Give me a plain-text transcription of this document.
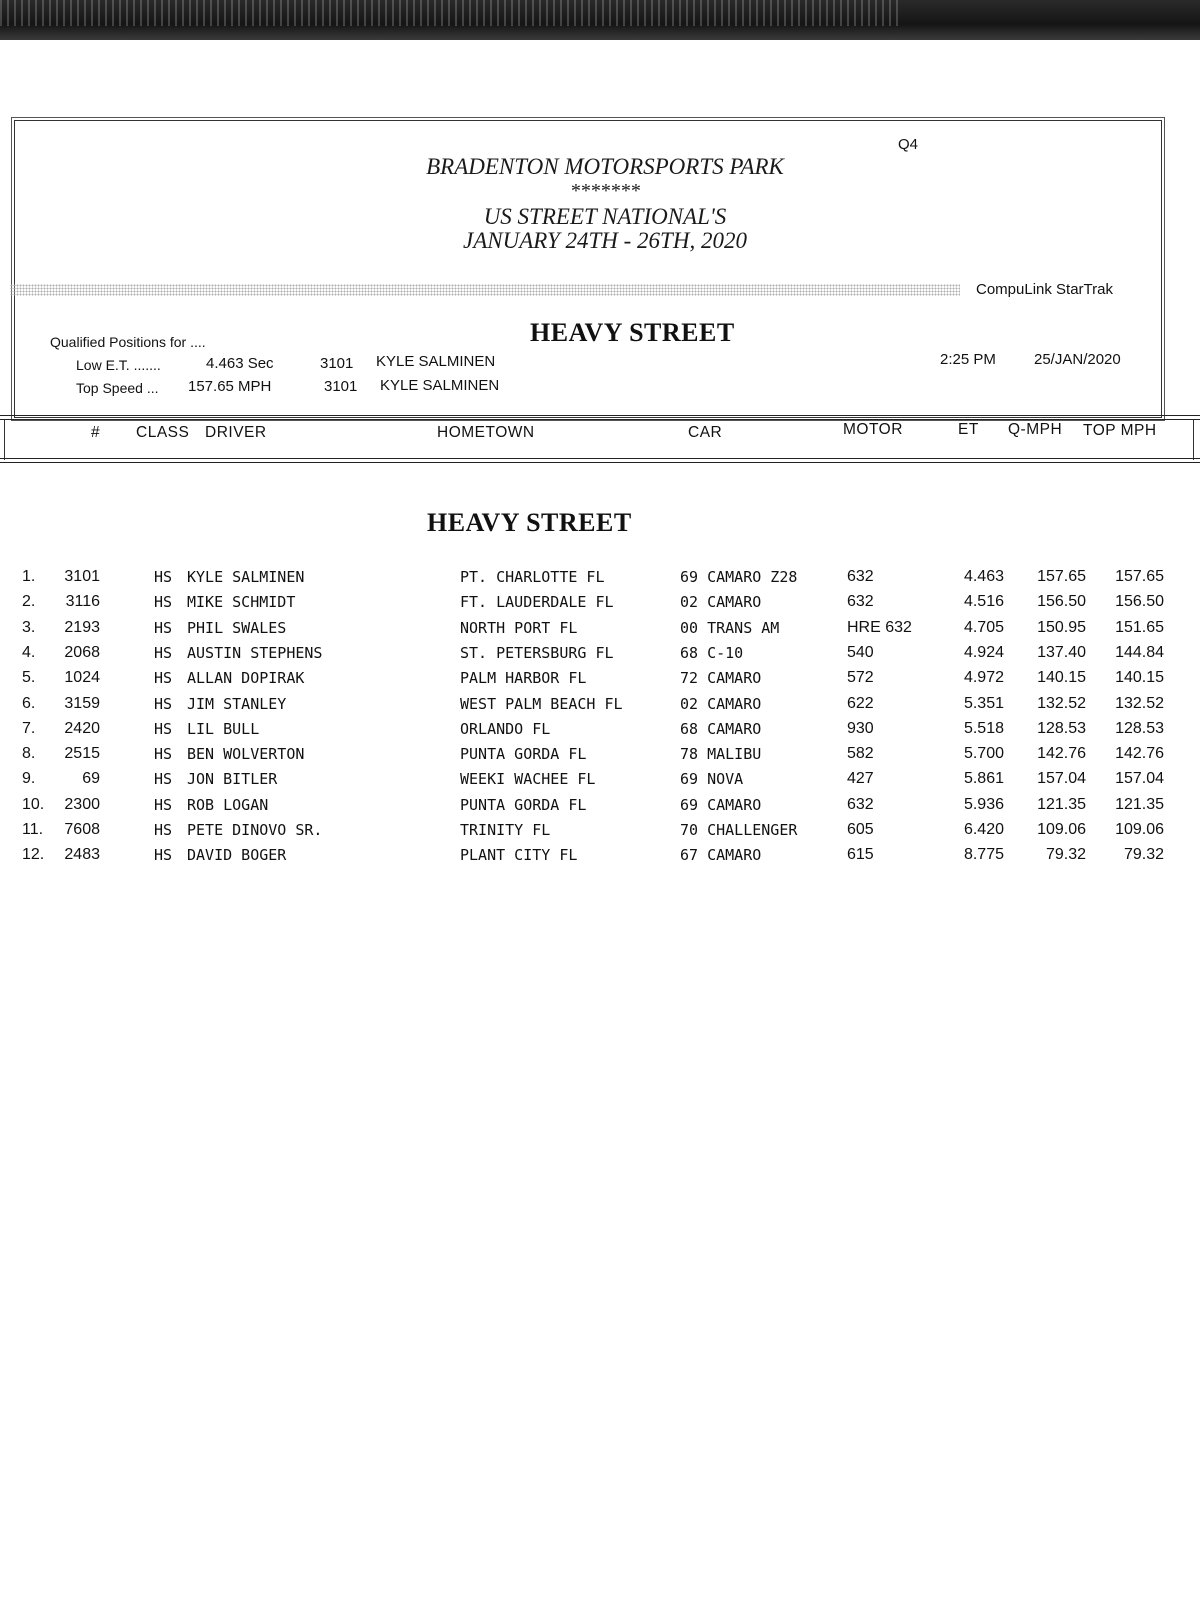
BRADENTON MOTORSPORTS PARK
*******
US STREET NATIONAL'S
JANUARY 24TH - 26TH, 2020
Q4
CompuLink StarTrak
Qualified Positions for ....
Low E.T. .......	4.463 Sec	3101 KYLE SALMINEN
Top Speed ... 157.65 MPH	3101 KYLE SALMINEN
HEAVY STREET
2:25 PM	25/JAN/2020
# CLASS DRIVER	HOMETOWN	CAR	MOTOR	ET Q-MPH TOP MPH
HEAVY STREET
1.	3101	HS KYLE SALMINEN	PT. CHARLOTTE FL	69 CAMARO Z28	632	4.463	157.65	157.65
2.	3116	HS MIKE SCHMIDT	FT. LAUDERDALE FL	02 CAMARO	632	4.516	156.50	156.50
3.	2193	HS PHIL SWALES	NORTH PORT FL	00 TRANS AM	HRE 632	4.705	150.95	151.65
4.	2068	HS AUSTIN STEPHENS	ST. PETERSBURG FL	68 C-10	540	4.924	137.40	144.84
5.	1024	HS ALLAN DOPIRAK	PALM HARBOR FL	72 CAMARO	572	4.972	140.15	140.15
6.	3159	HS JIM STANLEY	WEST PALM BEACH FL	02 CAMARO	622	5.351	132.52	132.52
7.	2420	HS LIL BULL	ORLANDO FL	68 CAMARO	930	5.518	128.53	128.53
8.	2515	HS BEN WOLVERTON	PUNTA GORDA FL	78 MALIBU	582	5.700	142.76	142.76
9.	69	HS JON BITLER	WEEKI WACHEE FL	69 NOVA	427	5.861	157.04	157.04
10.	2300	HS ROB LOGAN	PUNTA GORDA FL	69 CAMARO	632	5.936	121.35	121.35
11.	7608	HS PETE DINOVO SR.	TRINITY FL	70 CHALLENGER	605	6.420	109.06	109.06
12.	2483	HS DAVID BOGER	PLANT CITY FL	67 CAMARO	615	8.775	79.32	79.32
